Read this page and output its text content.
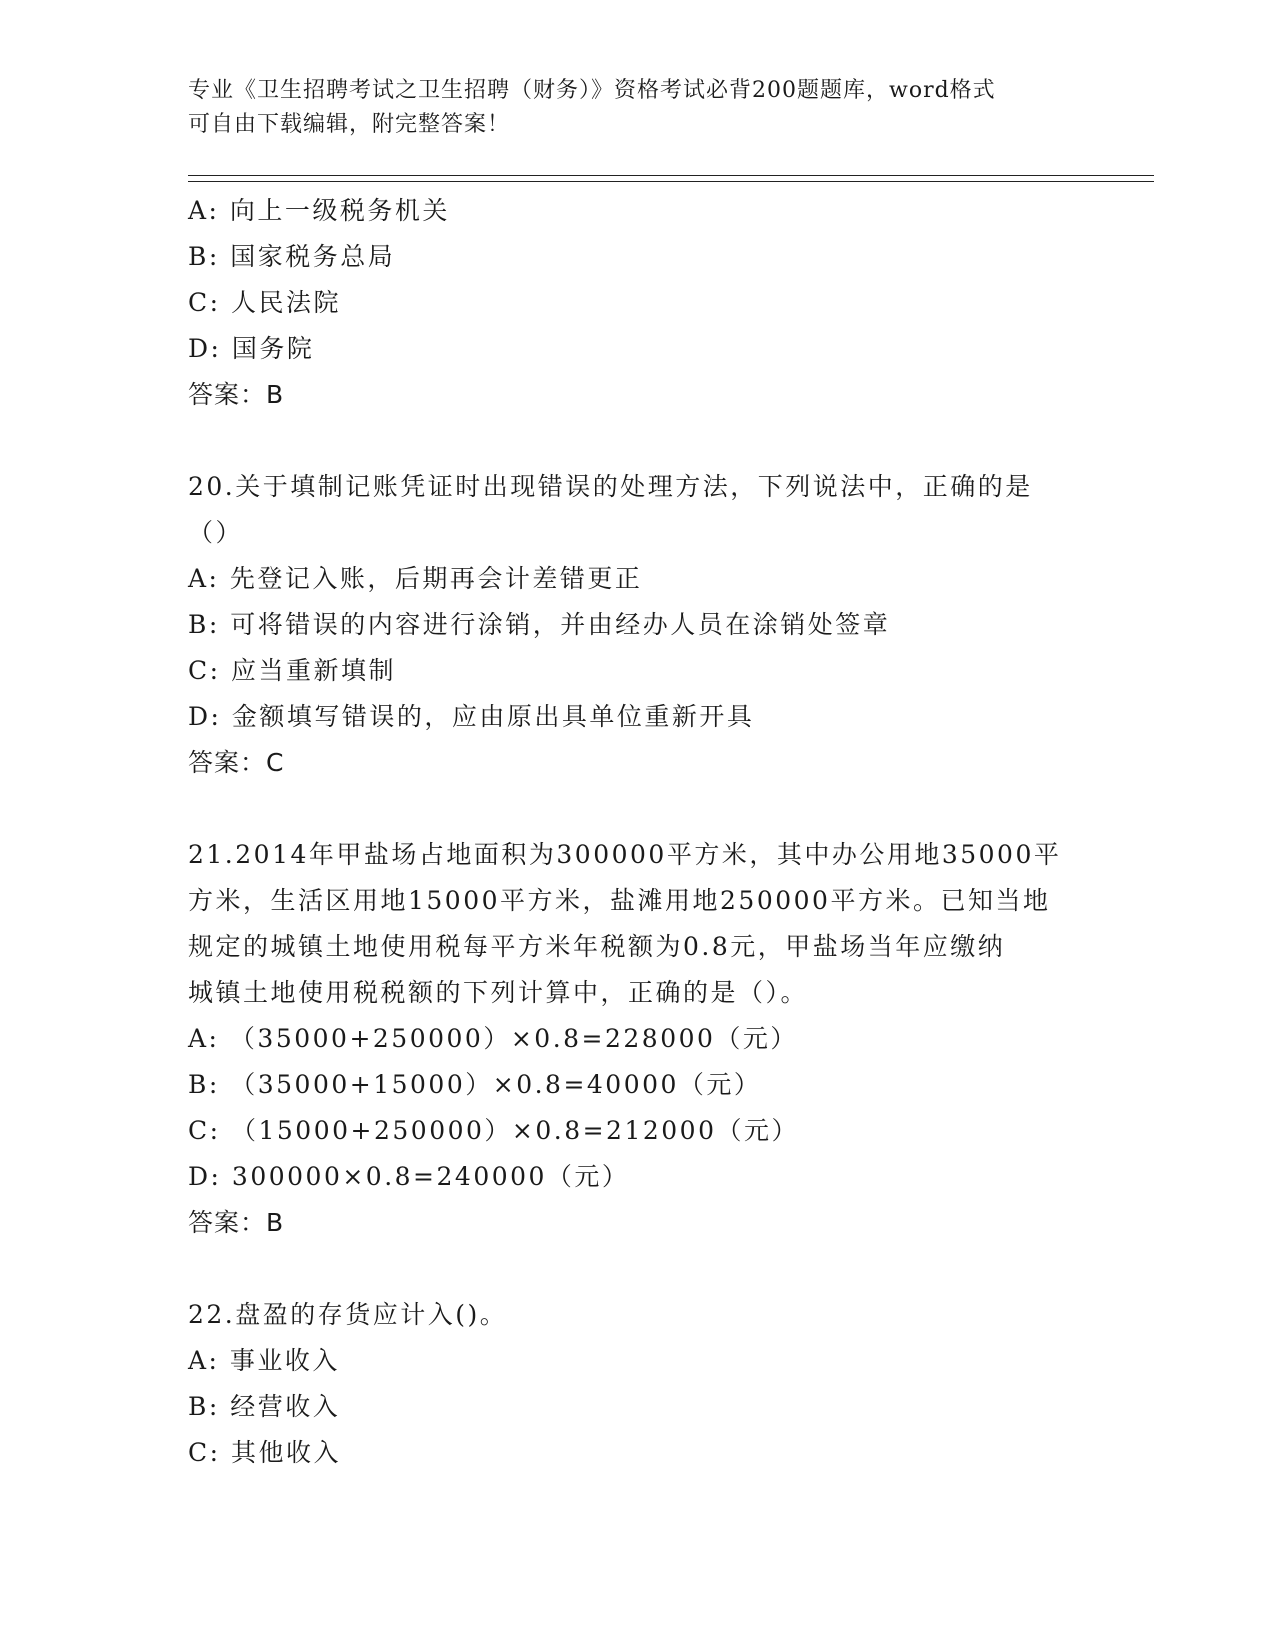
专业《卫生招聘考试之卫生招聘（财务）》资格考试必背200题题库，word格式
可自由下载编辑，附完整答案！
A: 向上一级税务机关
B: 国家税务总局
C: 人民法院
D: 国务院
答案：B
20.关于填制记账凭证时出现错误的处理方法，下列说法中，正确的是
（）
A: 先登记入账，后期再会计差错更正
B: 可将错误的内容进行涂销，并由经办人员在涂销处签章
C: 应当重新填制
D: 金额填写错误的，应由原出具单位重新开具
答案：C
21.2014年甲盐场占地面积为300000平方米，其中办公用地35000平
方米，生活区用地15000平方米，盐滩用地250000平方米。已知当地
规定的城镇土地使用税每平方米年税额为0.8元，甲盐场当年应缴纳
城镇土地使用税税额的下列计算中，正确的是（）。
A: （35000+250000）×0.8=228000（元）
B: （35000+15000）×0.8=40000（元）
C: （15000+250000）×0.8=212000（元）
D: 300000×0.8=240000（元）
答案：B
22.盘盈的存货应计入()。
A: 事业收入
B: 经营收入
C: 其他收入
